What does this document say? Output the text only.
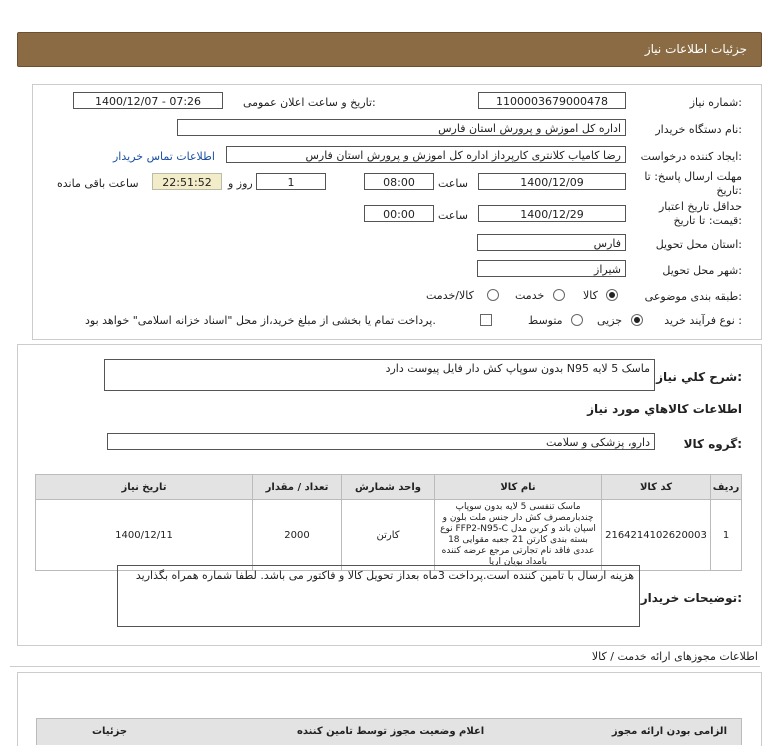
جزئیات اطلاعات نیاز
شماره نیاز:
1100003679000478
تاریخ و ساعت اعلان عمومی:
1400/12/07 - 07:26
نام دستگاه خریدار:
اداره کل اموزش و پرورش استان فارس
ایجاد کننده درخواست:
رضا کامیاب کلانتری کارپرداز اداره کل اموزش و پرورش استان فارس
اطلاعات تماس خریدار
مهلت ارسال پاسخ: تا
تاریخ:
1400/12/09
ساعت
08:00
1
روز و
22:51:52
ساعت باقی مانده
حداقل تاریخ اعتبار
قیمت: تا تاریخ:
1400/12/29
ساعت
00:00
استان محل تحویل:
فارس
شهر محل تحویل:
شیراز
طبقه بندی موضوعی:
کالا
خدمت
کالا/خدمت
نوع فرآیند خرید :
جزیی
متوسط
پرداخت تمام یا بخشی از مبلغ خرید،از محل "اسناد خزانه اسلامی" خواهد بود.
شرح کلي نياز:
ماسک 5 لایه N95 بدون سوپاپ کش دار فایل پیوست دارد
اطلاعات کالاهاي مورد نياز
گروه کالا:
دارو، پزشکی و سلامت
ردیف	کد کالا	نام کالا	واحد شمارش	تعداد / مقدار	تاریخ نیاز
1	2164214102620003	ماسک تنفسی 5 لایه بدون سوپاپ چندبارمصرف کش دار جنس ملت بلون و اسپان باند و کربن مدل FFP2-N95-C نوع بسته بندی کارتن 21 جعبه مقوایی 18 عددی فاقد نام تجارتی مرجع عرضه کننده بامداد بویان اریا	کارتن	2000	1400/12/11
توضیحات خریدار:
هزینه ارسال با تامین کننده است.پرداخت 3ماه بعداز تحویل کالا و فاکتور می باشد. لطفا شماره همراه بگذارید
اطلاعات مجوزهای ارائه خدمت / کالا
الزامی بودن ارائه مجوز
اعلام وضعیت مجوز توسط تامین کننده
جزئیات
